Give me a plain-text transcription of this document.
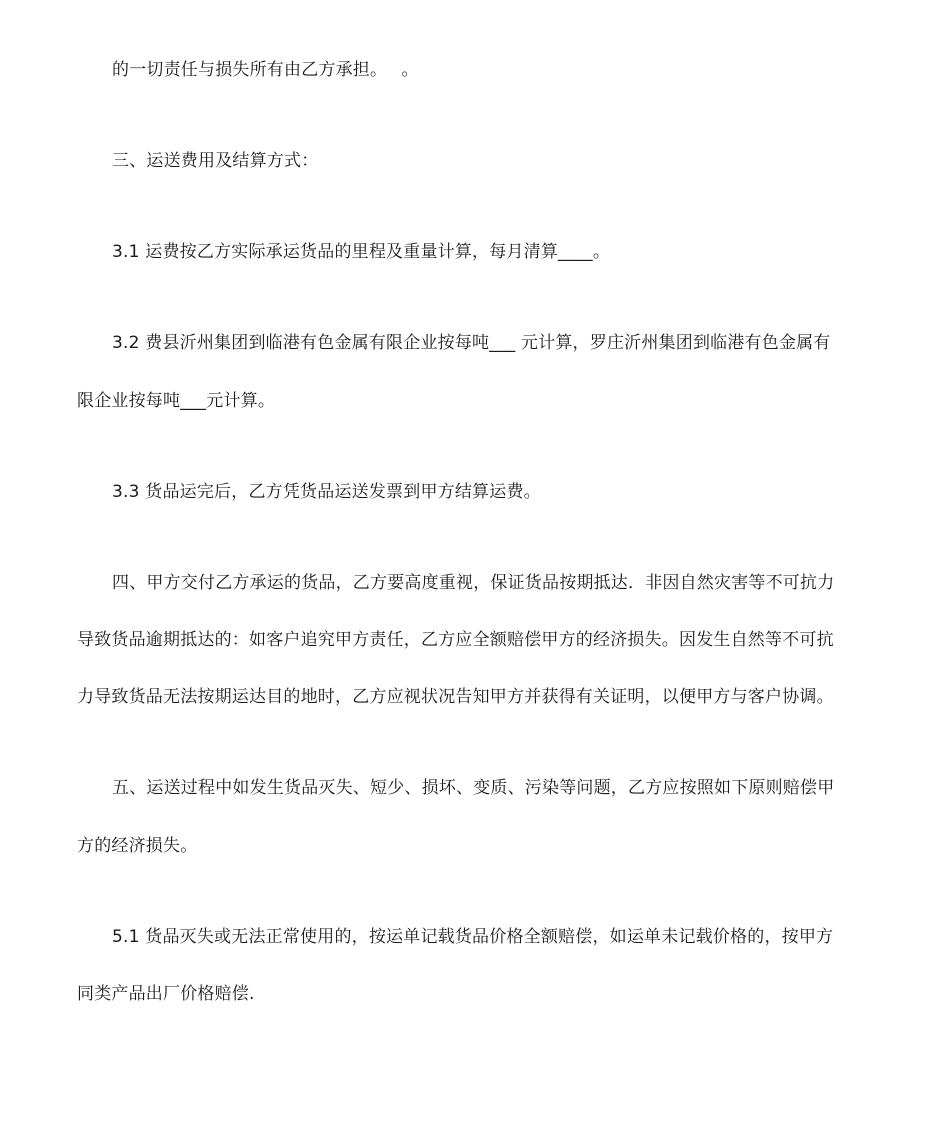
的一切责任与损失所有由乙方承担。　 。
三、运送费用及结算方式：
3.1 运费按乙方实际承运货品的里程及重量计算，每月清算____。
3.2 费县沂州集团到临港有色金属有限企业按每吨___ 元计算，罗庄沂州集团到临港有色金属有
限企业按每吨___元计算。
3.3 货品运完后，乙方凭货品运送发票到甲方结算运费。
四、甲方交付乙方承运的货品，乙方要高度重视，保证货品按期抵达．非因自然灾害等不可抗力
导致货品逾期抵达的：如客户追究甲方责任，乙方应全额赔偿甲方的经济损失。因发生自然等不可抗
力导致货品无法按期运达目的地时，乙方应视状况告知甲方并获得有关证明，以便甲方与客户协调。
五、运送过程中如发生货品灭失、短少、损坏、变质、污染等问题，乙方应按照如下原则赔偿甲
方的经济损失。
5.1 货品灭失或无法正常使用的，按运单记载货品价格全额赔偿，如运单未记载价格的，按甲方
同类产品出厂价格赔偿.
